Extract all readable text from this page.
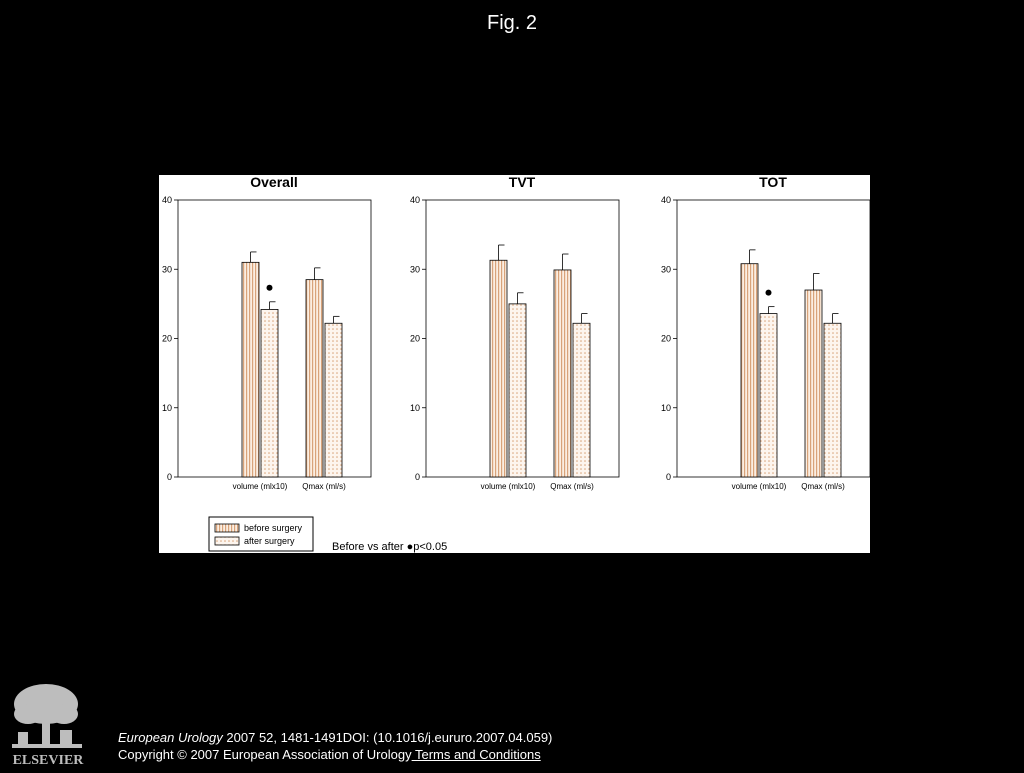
Fig. 2
Overall
0
10
20
30
40
volume (mlx10) Qmax (ml/s)
TVT
0
10
20
30
40
volume (mlx10) Qmax (ml/s)
TOT
0
10
20
30
40
volume (mlx10) Qmax (ml/s)
before surgery
after surgery	Before vs after ●p<0.05
ELSEVIER
European Urology 2007 52, 1481-1491DOI: (10.1016/j.eururo.2007.04.059)
Copyright © 2007 European Association of Urology Terms and Conditions
